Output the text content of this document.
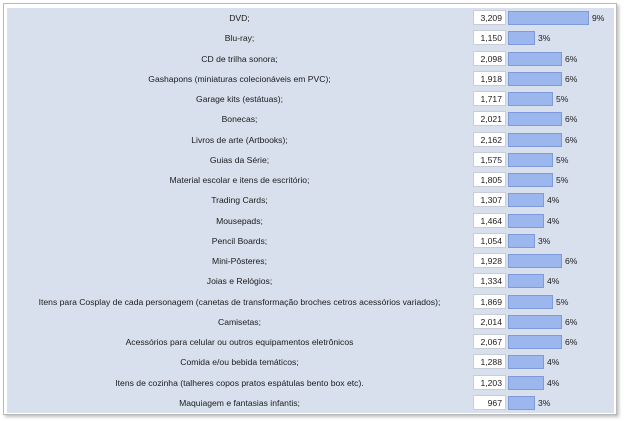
DVD;	3,209	9%
Blu-ray;	1,150	3%
CD de trilha sonora;	2,098	6%
Gashapons (miniaturas colecionáveis em PVC);	1,918	6%
Garage kits (estátuas);	1,717	5%
Bonecas;	2,021	6%
Livros de arte (Artbooks);	2,162	6%
Guias da Série;	1,575	5%
Material escolar e itens de escritório;	1,805	5%
Trading Cards;	1,307	4%
Mousepads;	1,464	4%
Pencil Boards;	1,054	3%
Mini-Pôsteres;	1,928	6%
Joias e Relógios;	1,334	4%
Itens para Cosplay de cada personagem (canetas de transformação broches cetros acessórios variados);	1,869	5%
Camisetas;	2,014	6%
Acessórios para celular ou outros equipamentos eletrônicos	2,067	6%
Comida e/ou bebida temáticos;	1,288	4%
Itens de cozinha (talheres copos pratos espátulas bento box etc).	1,203	4%
Maquiagem e fantasias infantis;	967	3%
